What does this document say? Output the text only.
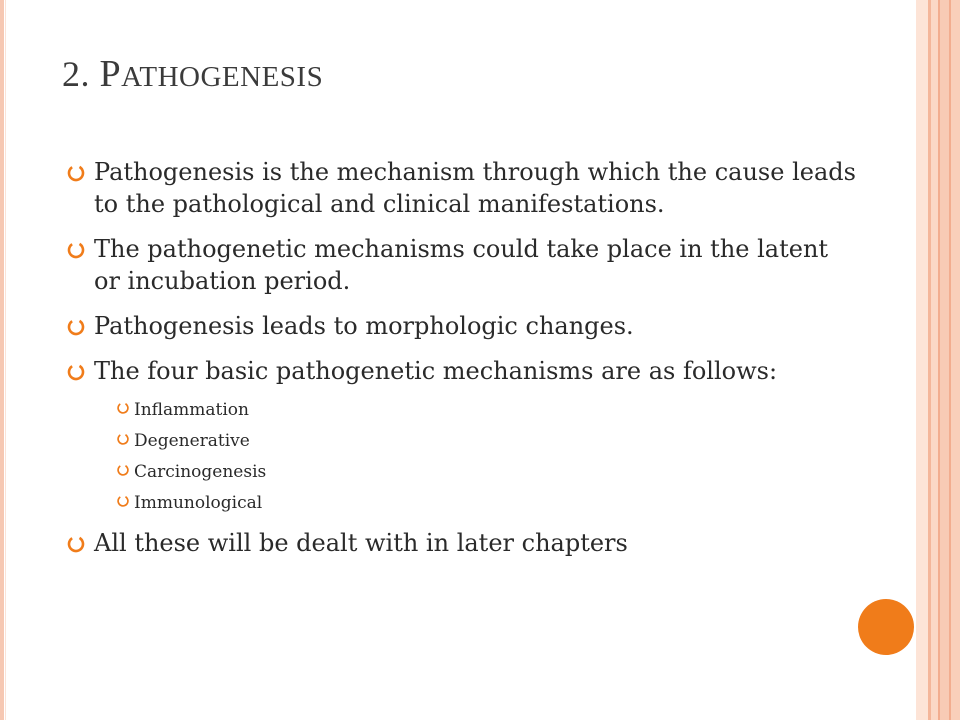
2. PATHOGENESIS
Pathogenesis is the mechanism through which the cause leads to the pathological and clinical manifestations.
The pathogenetic mechanisms could take place in the latent or incubation period.
Pathogenesis leads to morphologic changes.
The four basic pathogenetic mechanisms are as follows:
Inflammation
Degenerative
Carcinogenesis
Immunological
All these will be dealt with in later chapters
